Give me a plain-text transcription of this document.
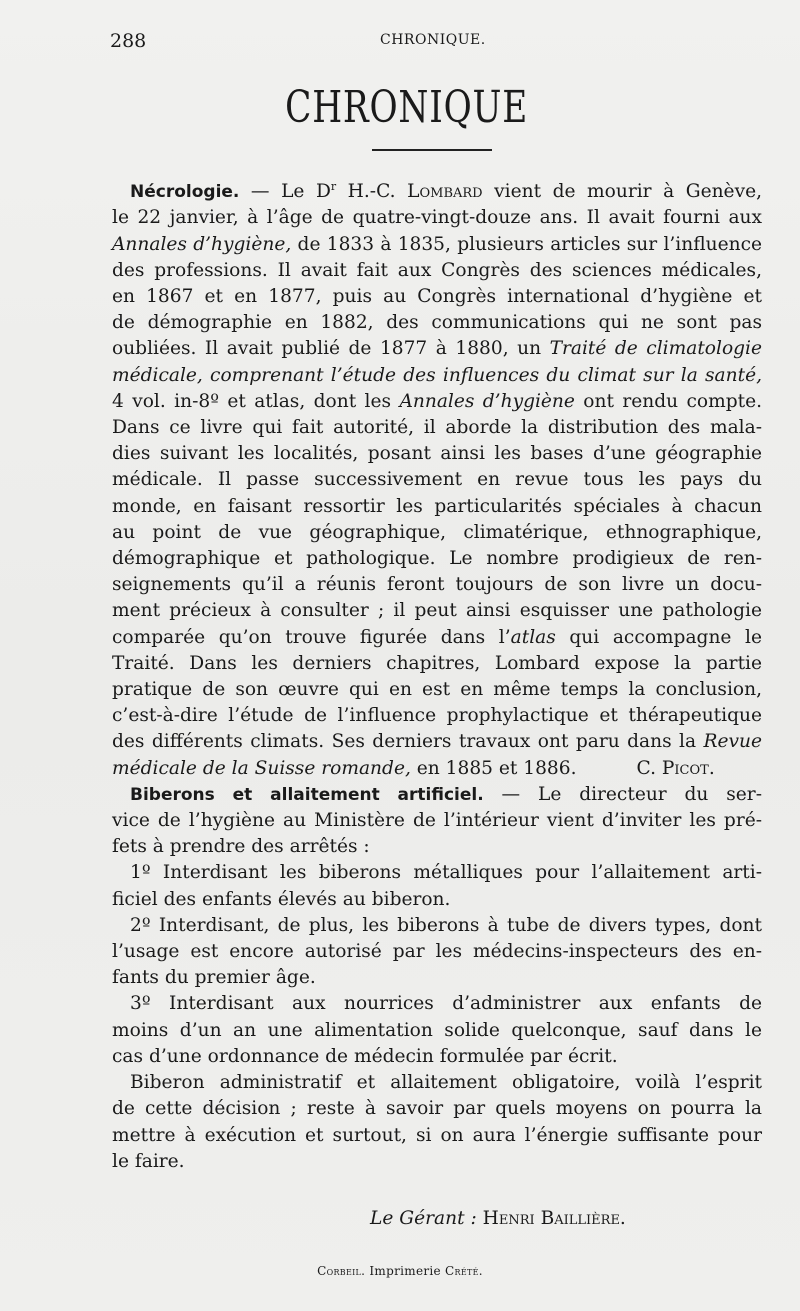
288	CHRONIQUE.
CHRONIQUE

Nécrologie. — Le $D^r$ H.-C. Lombard vient de mourir à Genève,
le 22 janvier, à l’âge de quatre-vingt-douze ans. Il avait fourni aux
Annales d’hygiène, de 1833 à 1835, plusieurs articles sur l’influence
des professions. Il avait fait aux Congrès des sciences médicales,
en 1867 et en 1877, puis au Congrès international d’hygiène et
de démographie en 1882, des communications qui ne sont pas
oubliées. Il avait publié de 1877 à 1880, un Traité de climatologie
médicale, comprenant l’étude des influences du climat sur la santé,
4 vol. in-8º et atlas, dont les Annales d’hygiène ont rendu compte.
Dans ce livre qui fait autorité, il aborde la distribution des mala-
dies suivant les localités, posant ainsi les bases d’une géographie
médicale. Il passe successivement en revue tous les pays du
monde, en faisant ressortir les particularités spéciales à chacun
au point de vue géographique, climatérique, ethnographique,
démographique et pathologique. Le nombre prodigieux de ren-
seignements qu’il a réunis feront toujours de son livre un docu-
ment précieux à consulter ; il peut ainsi esquisser une pathologie
comparée qu’on trouve figurée dans l’atlas qui accompagne le
Traité. Dans les derniers chapitres, Lombard expose la partie
pratique de son œuvre qui en est en même temps la conclusion,
c’est-à-dire l’étude de l’influence prophylactique et thérapeutique
des différents climats. Ses derniers travaux ont paru dans la Revue
médicale de la Suisse romande, en 1885 et 1886.	C. Picot.

Biberons et allaitement artificiel. — Le directeur du ser-
vice de l’hygiène au Ministère de l’intérieur vient d’inviter les pré-
fets à prendre des arrêtés :
1º Interdisant les biberons métalliques pour l’allaitement arti-
ficiel des enfants élevés au biberon.
2º Interdisant, de plus, les biberons à tube de divers types, dont
l’usage est encore autorisé par les médecins-inspecteurs des en-
fants du premier âge.
3º Interdisant aux nourrices d’administrer aux enfants de
moins d’un an une alimentation solide quelconque, sauf dans le
cas d’une ordonnance de médecin formulée par écrit.
Biberon administratif et allaitement obligatoire, voilà l’esprit
de cette décision ; reste à savoir par quels moyens on pourra la
mettre à exécution et surtout, si on aura l’énergie suffisante pour
le faire.

Le Gérant : Henri Baillière.
Corbeil. Imprimerie Crété.
